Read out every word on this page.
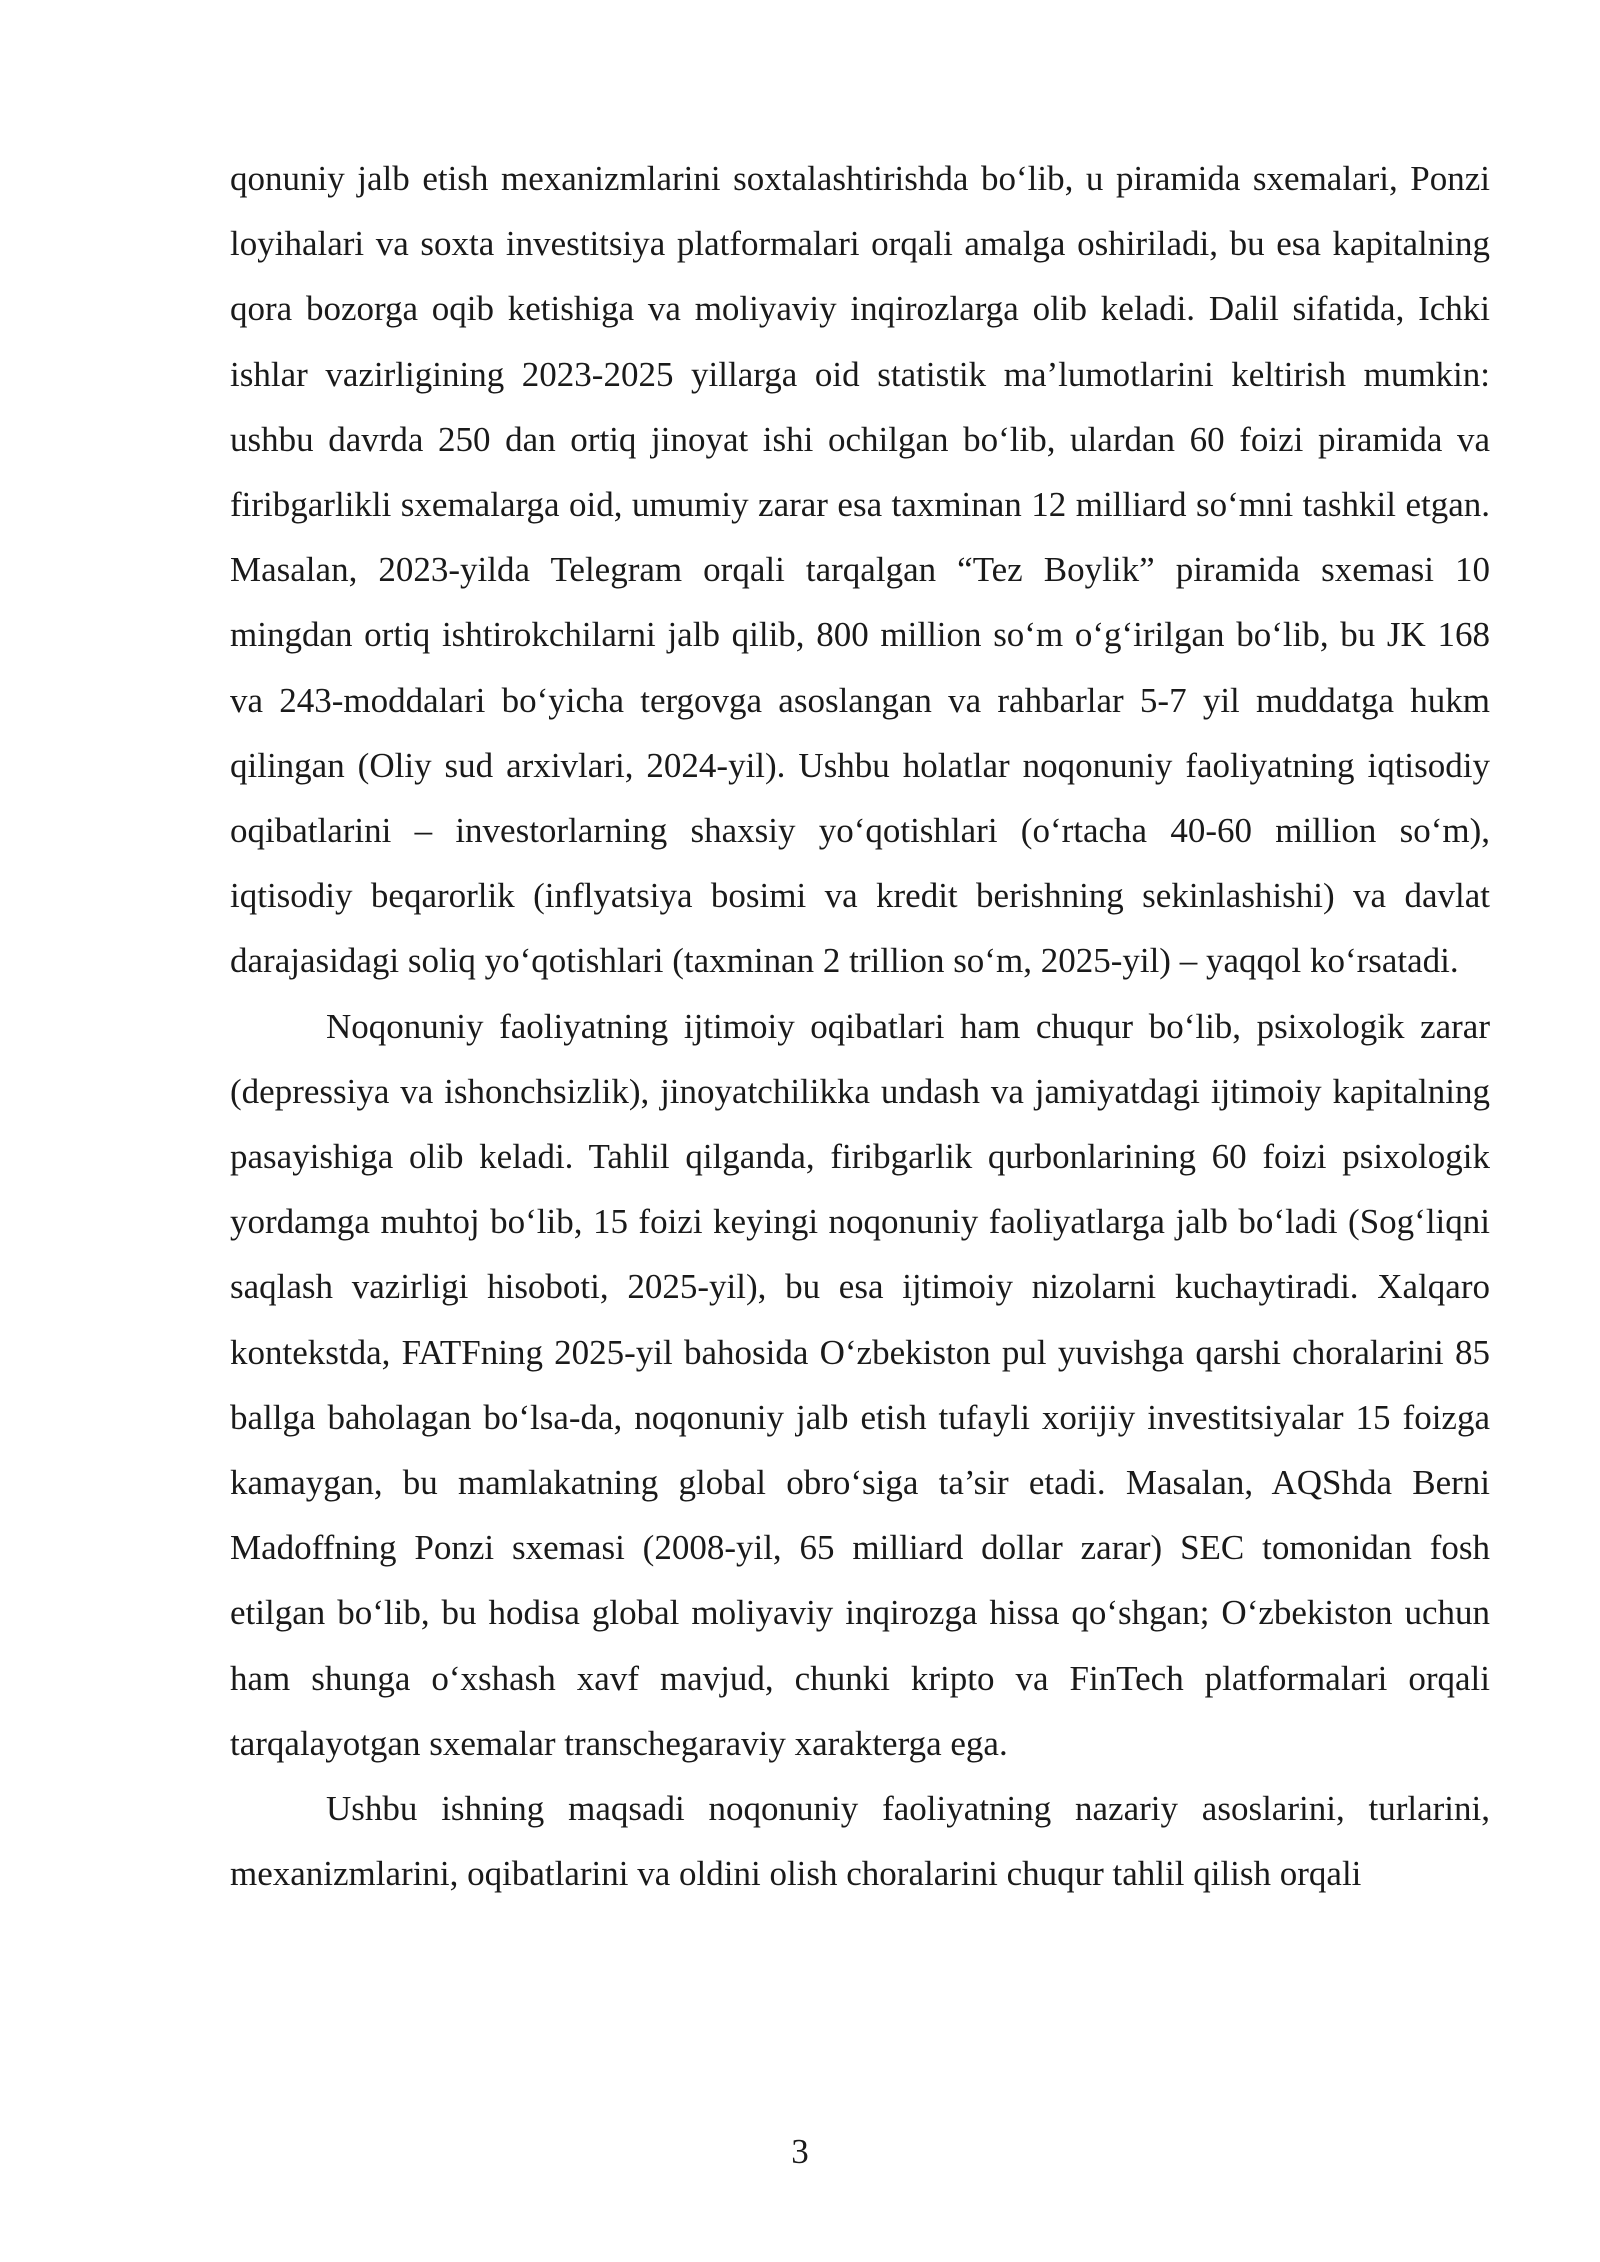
qonuniy jalb etish mexanizmlarini soxtalashtirishda bo‘lib, u piramida sxemalari, Ponzi loyihalari va soxta investitsiya platformalari orqali amalga oshiriladi, bu esa kapitalning qora bozorga oqib ketishiga va moliyaviy inqirozlarga olib keladi. Dalil sifatida, Ichki ishlar vazirligining 2023-2025 yillarga oid statistik ma’lumotlarini keltirish mumkin: ushbu davrda 250 dan ortiq jinoyat ishi ochilgan bo‘lib, ulardan 60 foizi piramida va firibgarlikli sxemalarga oid, umumiy zarar esa taxminan 12 milliard so‘mni tashkil etgan. Masalan, 2023-yilda Telegram orqali tarqalgan “Tez Boylik” piramida sxemasi 10 mingdan ortiq ishtirokchilarni jalb qilib, 800 million so‘m o‘g‘irilgan bo‘lib, bu JK 168 va 243-moddalari bo‘yicha tergovga asoslangan va rahbarlar 5-7 yil muddatga hukm qilingan (Oliy sud arxivlari, 2024-yil). Ushbu holatlar noqonuniy faoliyatning iqtisodiy oqibatlarini – investorlarning shaxsiy yo‘qotishlari (o‘rtacha 40-60 million so‘m), iqtisodiy beqarorlik (inflyatsiya bosimi va kredit berishning sekinlashishi) va davlat darajasidagi soliq yo‘qotishlari (taxminan 2 trillion so‘m, 2025-yil) – yaqqol ko‘rsatadi.

Noqonuniy faoliyatning ijtimoiy oqibatlari ham chuqur bo‘lib, psixologik zarar (depressiya va ishonchsizlik), jinoyatchilikka undash va jamiyatdagi ijtimoiy kapitalning pasayishiga olib keladi. Tahlil qilganda, firibgarlik qurbonlarining 60 foizi psixologik yordamga muhtoj bo‘lib, 15 foizi keyingi noqonuniy faoliyatlarga jalb bo‘ladi (Sog‘liqni saqlash vazirligi hisoboti, 2025-yil), bu esa ijtimoiy nizolarni kuchaytiradi. Xalqaro kontekstda, FATFning 2025-yil bahosida O‘zbekiston pul yuvishga qarshi choralarini 85 ballga baholagan bo‘lsa-da, noqonuniy jalb etish tufayli xorijiy investitsiyalar 15 foizga kamaygan, bu mamlakatning global obro‘siga ta’sir etadi. Masalan, AQShda Berni Madoffning Ponzi sxemasi (2008-yil, 65 milliard dollar zarar) SEC tomonidan fosh etilgan bo‘lib, bu hodisa global moliyaviy inqirozga hissa qo‘shgan; O‘zbekiston uchun ham shunga o‘xshash xavf mavjud, chunki kripto va FinTech platformalari orqali tarqalayotgan sxemalar transchegaraviy xarakterga ega.

Ushbu ishning maqsadi noqonuniy faoliyatning nazariy asoslarini, turlarini, mexanizmlarini, oqibatlarini va oldini olish choralarini chuqur tahlil qilish orqali

3
